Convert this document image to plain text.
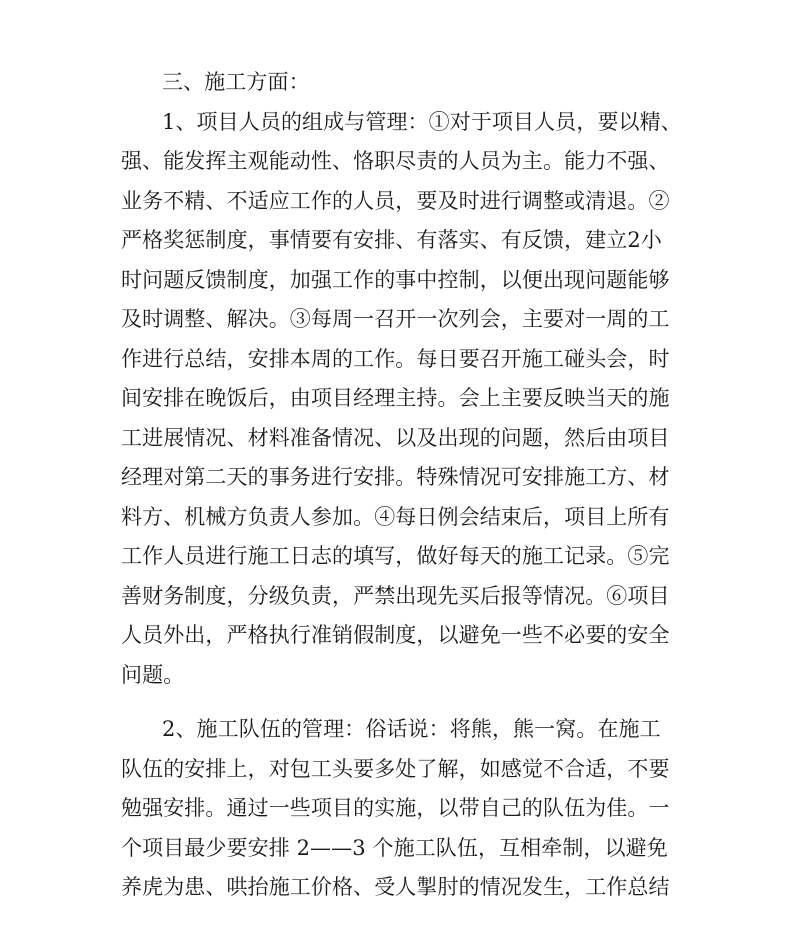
三、施工方面：
1、项目人员的组成与管理：①对于项目人员，要以精、
强、能发挥主观能动性、恪职尽责的人员为主。能力不强、
业务不精、不适应工作的人员，要及时进行调整或清退。②
严格奖惩制度，事情要有安排、有落实、有反馈，建立2小
时问题反馈制度，加强工作的事中控制，以便出现问题能够
及时调整、解决。③每周一召开一次列会，主要对一周的工
作进行总结，安排本周的工作。每日要召开施工碰头会，时
间安排在晚饭后，由项目经理主持。会上主要反映当天的施
工进展情况、材料准备情况、以及出现的问题，然后由项目
经理对第二天的事务进行安排。特殊情况可安排施工方、材
料方、机械方负责人参加。④每日例会结束后，项目上所有
工作人员进行施工日志的填写，做好每天的施工记录。⑤完
善财务制度，分级负责，严禁出现先买后报等情况。⑥项目
人员外出，严格执行准销假制度，以避免一些不必要的安全
问题。
2、施工队伍的管理：俗话说：将熊，熊一窝。在施工
队伍的安排上，对包工头要多处了解，如感觉不合适，不要
勉强安排。通过一些项目的实施，以带自己的队伍为佳。一
个项目最少要安排 2——3 个施工队伍，互相牵制，以避免
养虎为患、哄抬施工价格、受人掣肘的情况发生，工作总结
